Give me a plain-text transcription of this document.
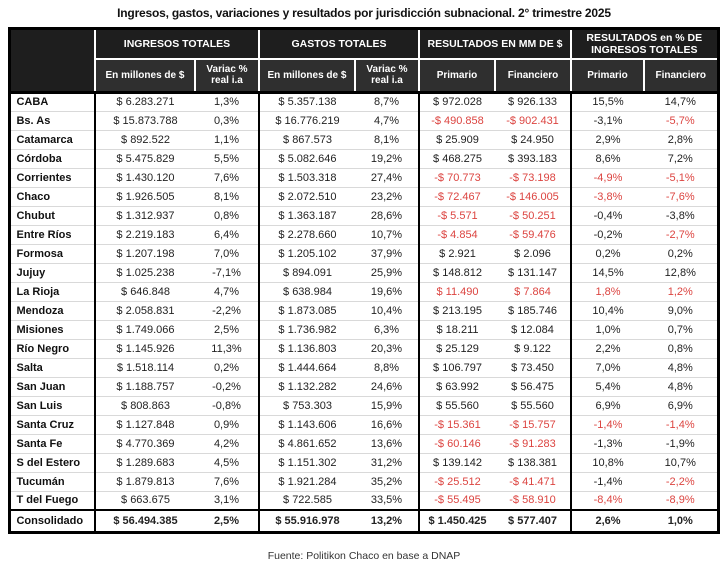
Ingresos, gastos, variaciones y resultados por jurisdicción subnacional. 2° trimestre 2025
	INGRESOS TOTALES		GASTOS TOTALES		RESULTADOS EN MM DE $		RESULTADOS en % DE INGRESOS TOTALES	
	En millones de $	Variac % real i.a	En millones de $	Variac % real i.a	Primario	Financiero	Primario	Financiero
CABA	$ 6.283.271	1,3%	$ 5.357.138	8,7%	$ 972.028	$ 926.133	15,5%	14,7%
Bs. As	$ 15.873.788	0,3%	$ 16.776.219	4,7%	-$ 490.858	-$ 902.431	-3,1%	-5,7%
Catamarca	$ 892.522	1,1%	$ 867.573	8,1%	$ 25.909	$ 24.950	2,9%	2,8%
Córdoba	$ 5.475.829	5,5%	$ 5.082.646	19,2%	$ 468.275	$ 393.183	8,6%	7,2%
Corrientes	$ 1.430.120	7,6%	$ 1.503.318	27,4%	-$ 70.773	-$ 73.198	-4,9%	-5,1%
Chaco	$ 1.926.505	8,1%	$ 2.072.510	23,2%	-$ 72.467	-$ 146.005	-3,8%	-7,6%
Chubut	$ 1.312.937	0,8%	$ 1.363.187	28,6%	-$ 5.571	-$ 50.251	-0,4%	-3,8%
Entre Ríos	$ 2.219.183	6,4%	$ 2.278.660	10,7%	-$ 4.854	-$ 59.476	-0,2%	-2,7%
Formosa	$ 1.207.198	7,0%	$ 1.205.102	37,9%	$ 2.921	$ 2.096	0,2%	0,2%
Jujuy	$ 1.025.238	-7,1%	$ 894.091	25,9%	$ 148.812	$ 131.147	14,5%	12,8%
La Rioja	$ 646.848	4,7%	$ 638.984	19,6%	$ 11.490	$ 7.864	1,8%	1,2%
Mendoza	$ 2.058.831	-2,2%	$ 1.873.085	10,4%	$ 213.195	$ 185.746	10,4%	9,0%
Misiones	$ 1.749.066	2,5%	$ 1.736.982	6,3%	$ 18.211	$ 12.084	1,0%	0,7%
Río Negro	$ 1.145.926	11,3%	$ 1.136.803	20,3%	$ 25.129	$ 9.122	2,2%	0,8%
Salta	$ 1.518.114	0,2%	$ 1.444.664	8,8%	$ 106.797	$ 73.450	7,0%	4,8%
San Juan	$ 1.188.757	-0,2%	$ 1.132.282	24,6%	$ 63.992	$ 56.475	5,4%	4,8%
San Luis	$ 808.863	-0,8%	$ 753.303	15,9%	$ 55.560	$ 55.560	6,9%	6,9%
Santa Cruz	$ 1.127.848	0,9%	$ 1.143.606	16,6%	-$ 15.361	-$ 15.757	-1,4%	-1,4%
Santa Fe	$ 4.770.369	4,2%	$ 4.861.652	13,6%	-$ 60.146	-$ 91.283	-1,3%	-1,9%
S del Estero	$ 1.289.683	4,5%	$ 1.151.302	31,2%	$ 139.142	$ 138.381	10,8%	10,7%
Tucumán	$ 1.879.813	7,6%	$ 1.921.284	35,2%	-$ 25.512	-$ 41.471	-1,4%	-2,2%
T del Fuego	$ 663.675	3,1%	$ 722.585	33,5%	-$ 55.495	-$ 58.910	-8,4%	-8,9%
Consolidado	$ 56.494.385	2,5%	$ 55.916.978	13,2%	$ 1.450.425	$ 577.407	2,6%	1,0%
Fuente: Politikon Chaco en base a DNAP
